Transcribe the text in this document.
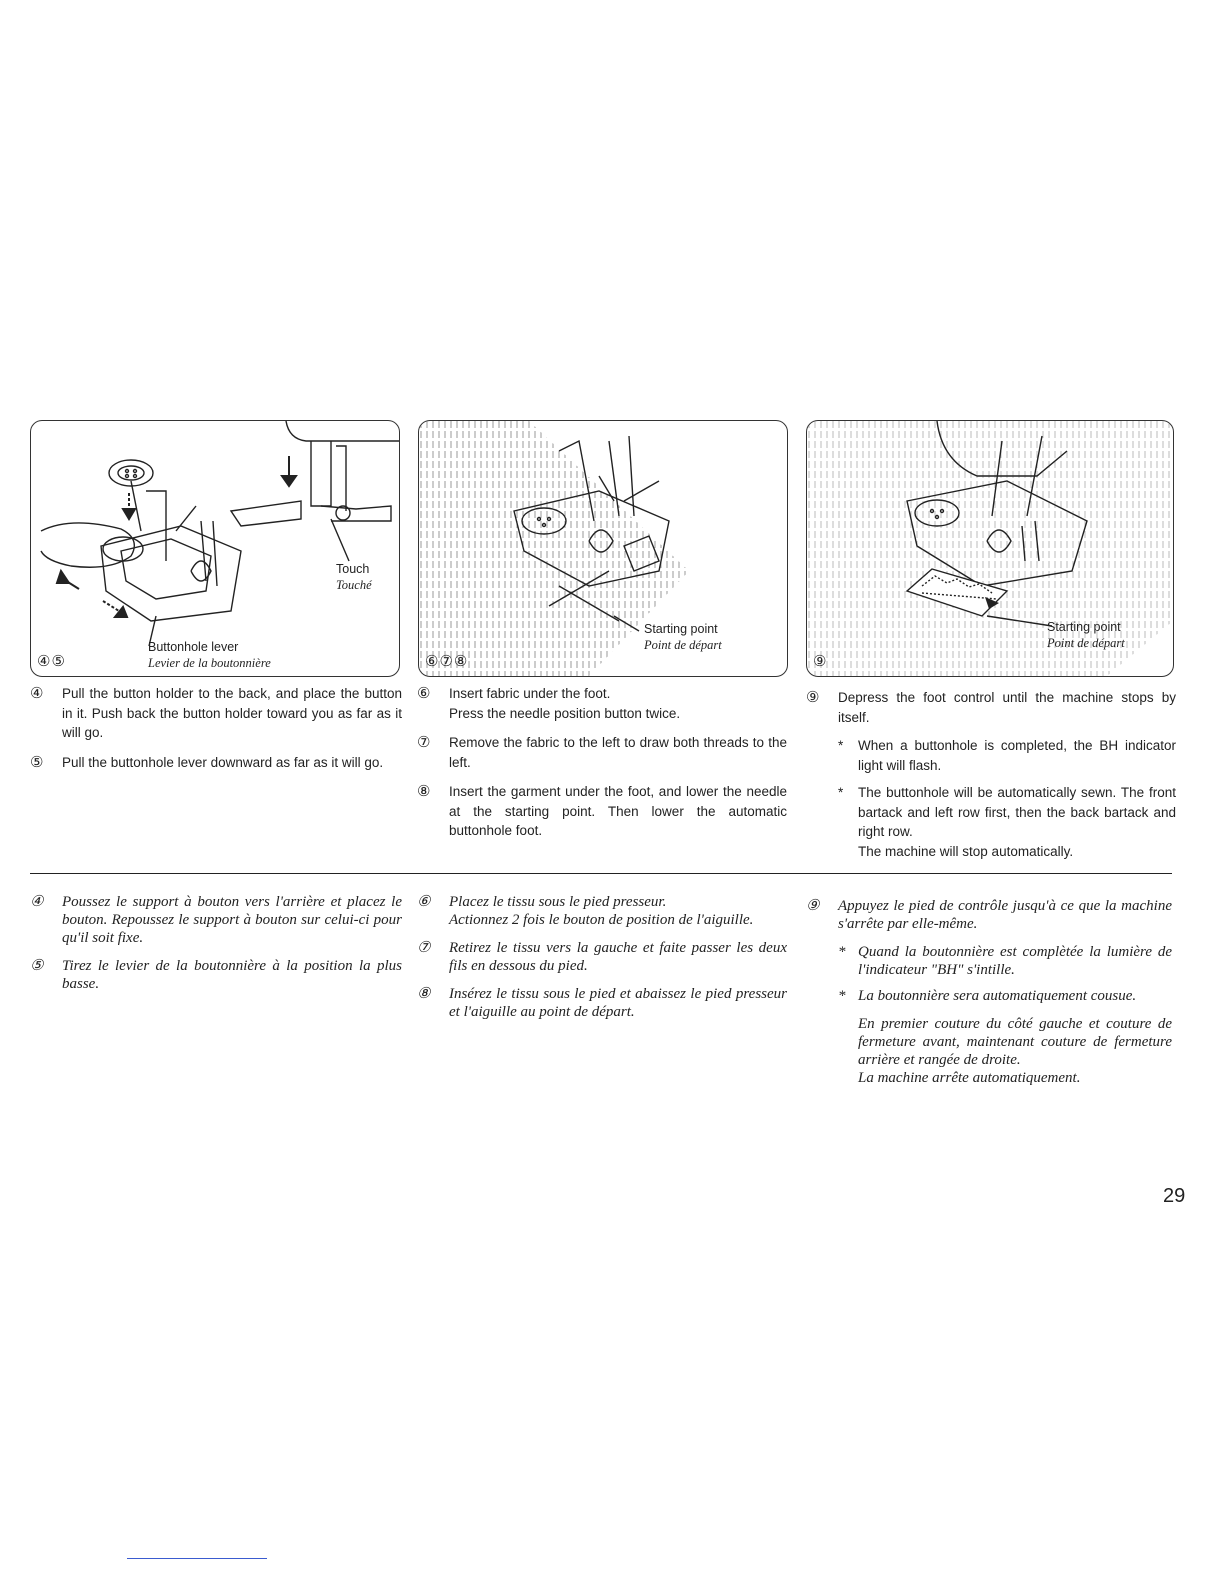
Touch
Touché
Buttonhole lever
Levier de la boutonnière
④⑤
Starting point
Point de départ
⑥⑦⑧
Starting point
Point de départ
⑨
④ Pull the button holder to the back, and place the button in it. Push back the button holder toward you as far as it will go.
⑤ Pull the buttonhole lever downward as far as it will go.
⑥ Insert fabric under the foot.
Press the needle position button twice.
⑦ Remove the fabric to the left to draw both threads to the left.
⑧ Insert the garment under the foot, and lower the needle at the starting point. Then lower the automatic buttonhole foot.
⑨ Depress the foot control until the machine stops by itself.
* When a buttonhole is completed, the BH indicator light will flash.
* The buttonhole will be automatically sewn. The front bartack and left row first, then the back bartack and right row.
The machine will stop automatically.
④ Poussez le support à bouton vers l'arrière et placez le bouton. Repoussez le support à bouton sur celui-ci pour qu'il soit fixe.
⑤ Tirez le levier de la boutonnière à la position la plus basse.
⑥ Placez le tissu sous le pied presseur.
Actionnez 2 fois le bouton de position de l'aiguille.
⑦ Retirez le tissu vers la gauche et faite passer les deux fils en dessous du pied.
⑧ Insérez le tissu sous le pied et abaissez le pied presseur et l'aiguille au point de départ.
⑨ Appuyez le pied de contrôle jusqu'à ce que la machine s'arrête par elle-même.
* Quand la boutonnière est complètée la lumière de l'indicateur "BH" s'intille.
* La boutonnière sera automatiquement cousue.
En premier couture du côté gauche et couture de fermeture avant, maintenant couture de fermeture arrière et rangée de droite.
La machine arrête automatiquement.
29
